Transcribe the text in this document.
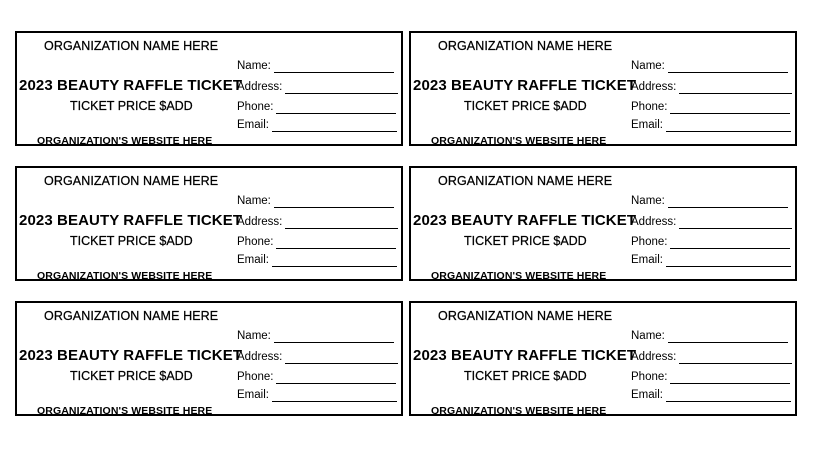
ORGANIZATION NAME HERE
2023 BEAUTY RAFFLE TICKET
TICKET PRICE $ADD
ORGANIZATION'S WEBSITE HERE
Name:
Address:
Phone:
Email:
ORGANIZATION NAME HERE
2023 BEAUTY RAFFLE TICKET
TICKET PRICE $ADD
ORGANIZATION'S WEBSITE HERE
Name:
Address:
Phone:
Email:
ORGANIZATION NAME HERE
2023 BEAUTY RAFFLE TICKET
TICKET PRICE $ADD
ORGANIZATION'S WEBSITE HERE
Name:
Address:
Phone:
Email:
ORGANIZATION NAME HERE
2023 BEAUTY RAFFLE TICKET
TICKET PRICE $ADD
ORGANIZATION'S WEBSITE HERE
Name:
Address:
Phone:
Email:
ORGANIZATION NAME HERE
2023 BEAUTY RAFFLE TICKET
TICKET PRICE $ADD
ORGANIZATION'S WEBSITE HERE
Name:
Address:
Phone:
Email:
ORGANIZATION NAME HERE
2023 BEAUTY RAFFLE TICKET
TICKET PRICE $ADD
ORGANIZATION'S WEBSITE HERE
Name:
Address:
Phone:
Email:
